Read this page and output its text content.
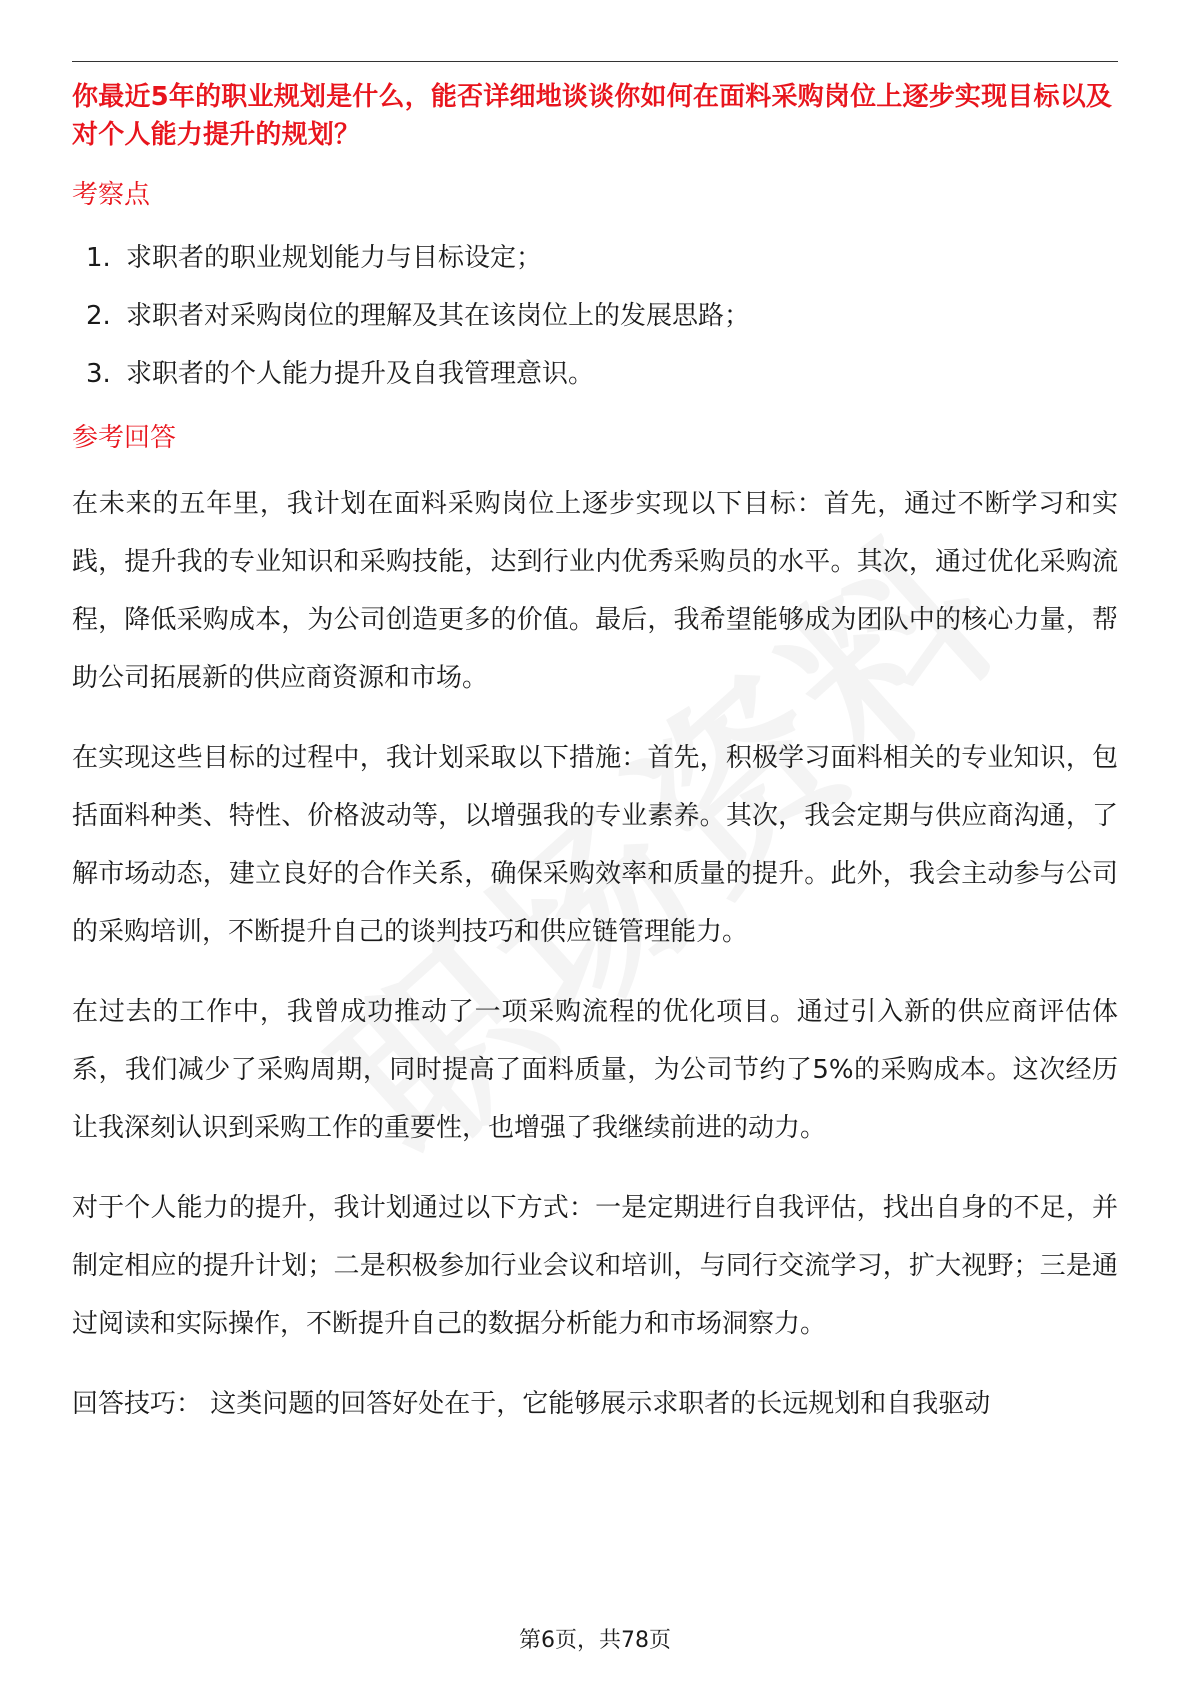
你最近5年的职业规划是什么，能否详细地谈谈你如何在面料采购岗位上逐步实现目标以及对个人能力提升的规划？

考察点

1. 求职者的职业规划能力与目标设定；
2. 求职者对采购岗位的理解及其在该岗位上的发展思路；
3. 求职者的个人能力提升及自我管理意识。

参考回答

在未来的五年里，我计划在面料采购岗位上逐步实现以下目标：首先，通过不断学习和实践，提升我的专业知识和采购技能，达到行业内优秀采购员的水平。其次，通过优化采购流程，降低采购成本，为公司创造更多的价值。最后，我希望能够成为团队中的核心力量，帮助公司拓展新的供应商资源和市场。

在实现这些目标的过程中，我计划采取以下措施：首先，积极学习面料相关的专业知识，包括面料种类、特性、价格波动等，以增强我的专业素养。其次，我会定期与供应商沟通，了解市场动态，建立良好的合作关系，确保采购效率和质量的提升。此外，我会主动参与公司的采购培训，不断提升自己的谈判技巧和供应链管理能力。

在过去的工作中，我曾成功推动了一项采购流程的优化项目。通过引入新的供应商评估体系，我们减少了采购周期，同时提高了面料质量，为公司节约了5%的采购成本。这次经历让我深刻认识到采购工作的重要性，也增强了我继续前进的动力。

对于个人能力的提升，我计划通过以下方式：一是定期进行自我评估，找出自身的不足，并制定相应的提升计划；二是积极参加行业会议和培训，与同行交流学习，扩大视野；三是通过阅读和实际操作，不断提升自己的数据分析能力和市场洞察力。

回答技巧： 这类问题的回答好处在于，它能够展示求职者的长远规划和自我驱动

第6页，共78页
